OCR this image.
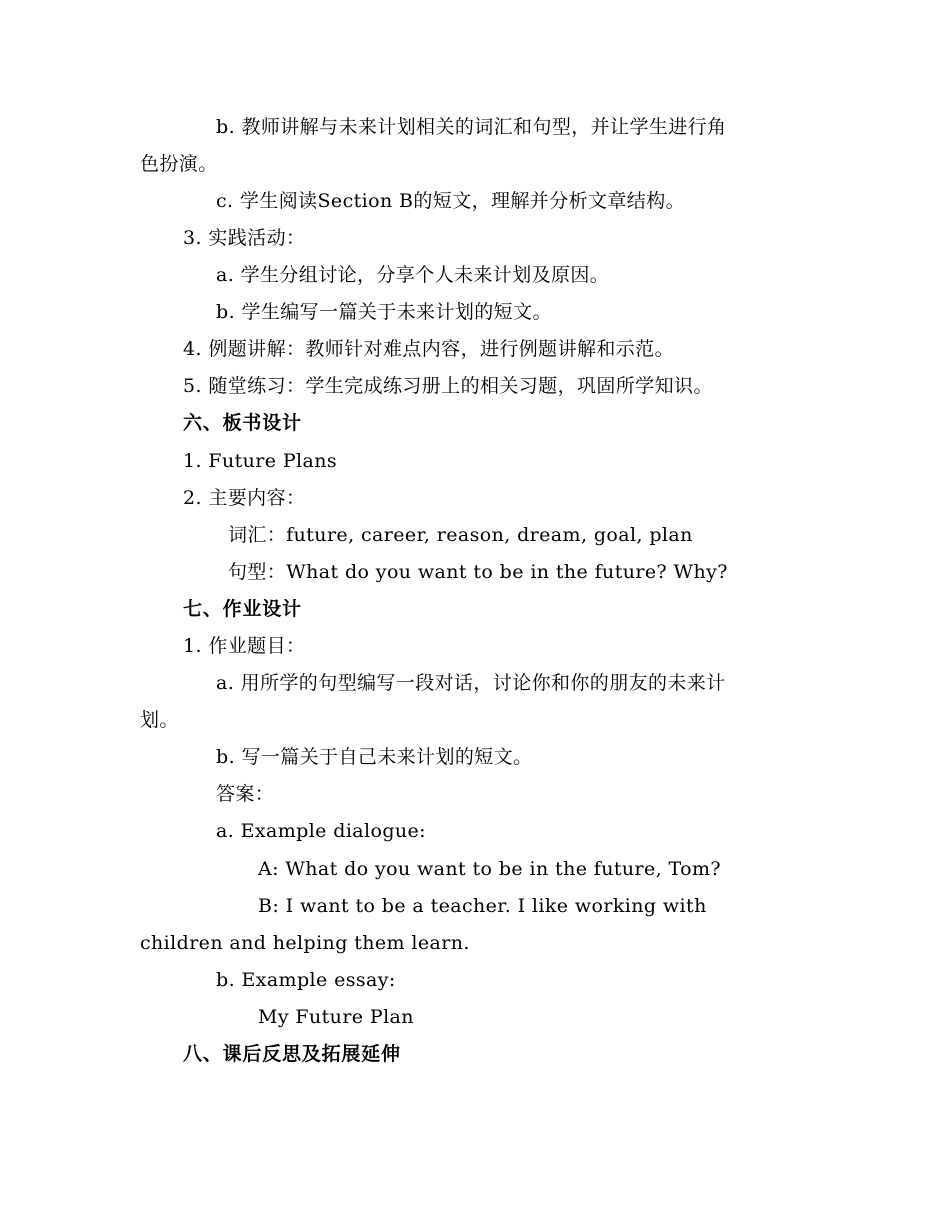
b. 教师讲解与未来计划相关的词汇和句型，并让学生进行角

色扮演。

c. 学生阅读Section B的短文，理解并分析文章结构。

3. 实践活动：

a. 学生分组讨论，分享个人未来计划及原因。

b. 学生编写一篇关于未来计划的短文。

4. 例题讲解：教师针对难点内容，进行例题讲解和示范。

5. 随堂练习：学生完成练习册上的相关习题，巩固所学知识。

六、板书设计

1. Future Plans

2. 主要内容：

词汇：future, career, reason, dream, goal, plan

句型：What do you want to be in the future? Why?

七、作业设计

1. 作业题目：

a. 用所学的句型编写一段对话，讨论你和你的朋友的未来计

划。

b. 写一篇关于自己未来计划的短文。

答案：

a. Example dialogue:

A: What do you want to be in the future, Tom?

B: I want to be a teacher. I like working with

children and helping them learn.

b. Example essay:

My Future Plan

八、课后反思及拓展延伸
